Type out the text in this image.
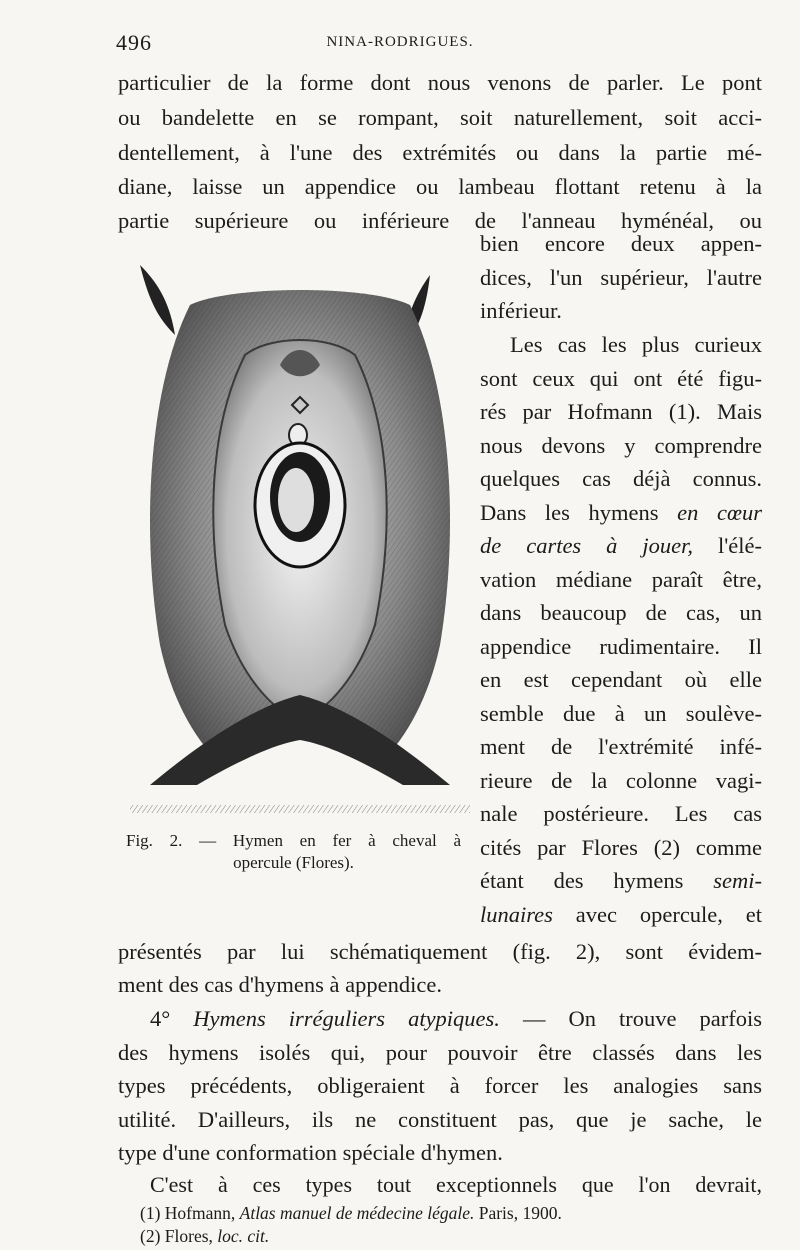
496	NINA-RODRIGUES.
particulier de la forme dont nous venons de parler. Le pont
ou bandelette en se rompant, soit naturellement, soit acci-
dentellement, à l'une des extrémités ou dans la partie mé-
diane, laisse un appendice ou lambeau flottant retenu à la
partie supérieure ou inférieure de l'anneau hyménéal, ou
bien encore deux appen-
dices, l'un supérieur, l'autre
inférieur.
Les cas les plus curieux
sont ceux qui ont été figu-
rés par Hofmann (1). Mais
nous devons y comprendre
quelques cas déjà connus.
Dans les hymens en cœur
de cartes à jouer, l'élé-
vation médiane paraît être,
dans beaucoup de cas, un
appendice rudimentaire. Il
en est cependant où elle
semble due à un soulève-
ment de l'extrémité infé-
rieure de la colonne vagi-
nale postérieure. Les cas
cités par Flores (2) comme
étant des hymens semi-
lunaires avec opercule, et
Fig. 2. — Hymen en fer à cheval à
opercule (Flores).
présentés par lui schématiquement (fig. 2), sont évidem-
ment des cas d'hymens à appendice.
4° Hymens irréguliers atypiques. — On trouve parfois
des hymens isolés qui, pour pouvoir être classés dans les
types précédents, obligeraient à forcer les analogies sans
utilité. D'ailleurs, ils ne constituent pas, que je sache, le
type d'une conformation spéciale d'hymen.
C'est à ces types tout exceptionnels que l'on devrait,
(1) Hofmann, Atlas manuel de médecine légale. Paris, 1900.
(2) Flores, loc. cit.
